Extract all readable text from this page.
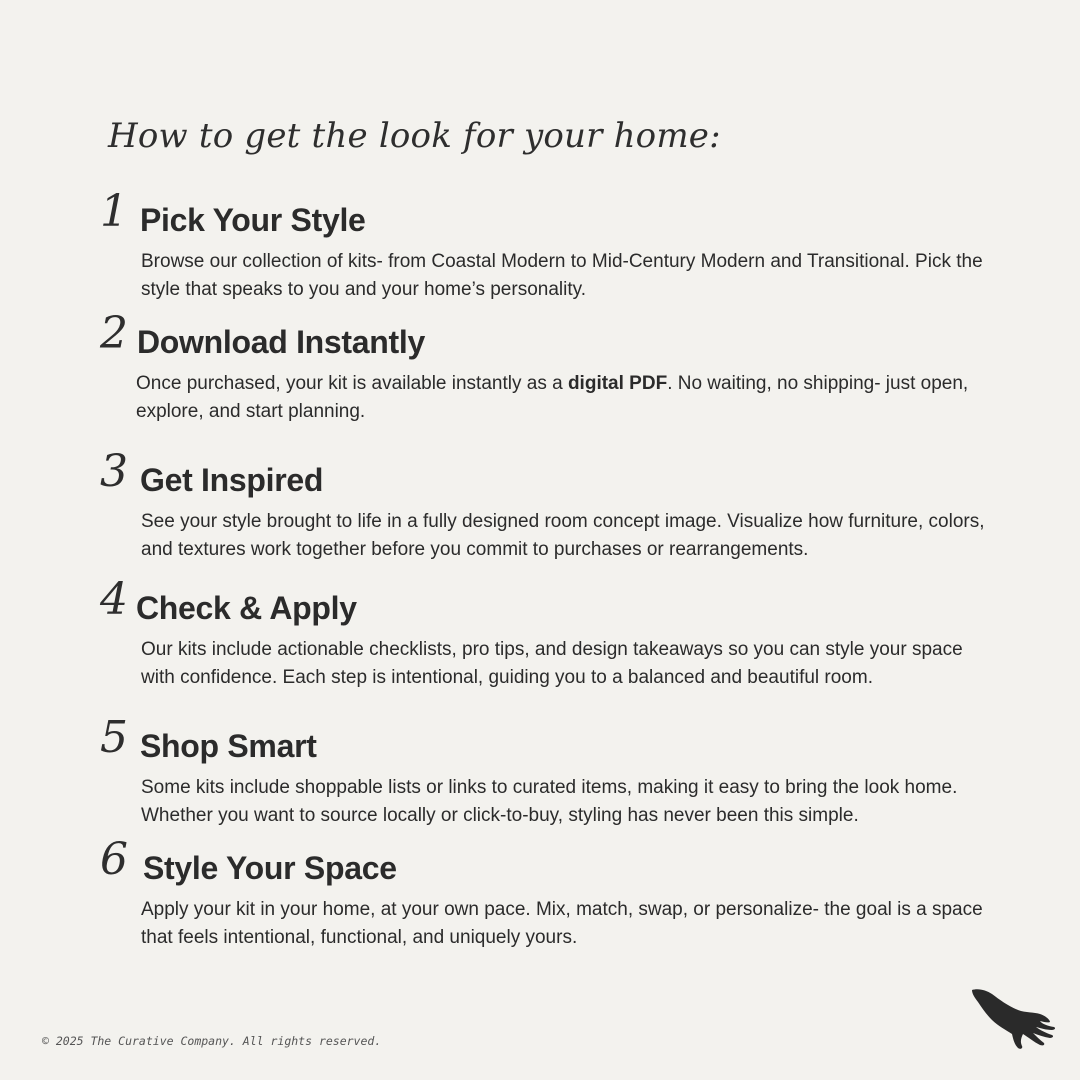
How to get the look for your home:
1 Pick Your Style

Browse our collection of kits- from Coastal Modern to Mid-Century Modern and Transitional. Pick the style that speaks to you and your home’s personality.

2 Download Instantly

Once purchased, your kit is available instantly as a digital PDF. No waiting, no shipping- just open, explore, and start planning.

3 Get Inspired

See your style brought to life in a fully designed room concept image. Visualize how furniture, colors, and textures work together before you commit to purchases or rearrangements.

4 Check & Apply

Our kits include actionable checklists, pro tips, and design takeaways so you can style your space with confidence. Each step is intentional, guiding you to a balanced and beautiful room.

5 Shop Smart

Some kits include shoppable lists or links to curated items, making it easy to bring the look home. Whether you want to source locally or click-to-buy, styling has never been this simple.

6 Style Your Space

Apply your kit in your home, at your own pace. Mix, match, swap, or personalize- the goal is a space that feels intentional, functional, and uniquely yours.

© 2025 The Curative Company. All rights reserved.
